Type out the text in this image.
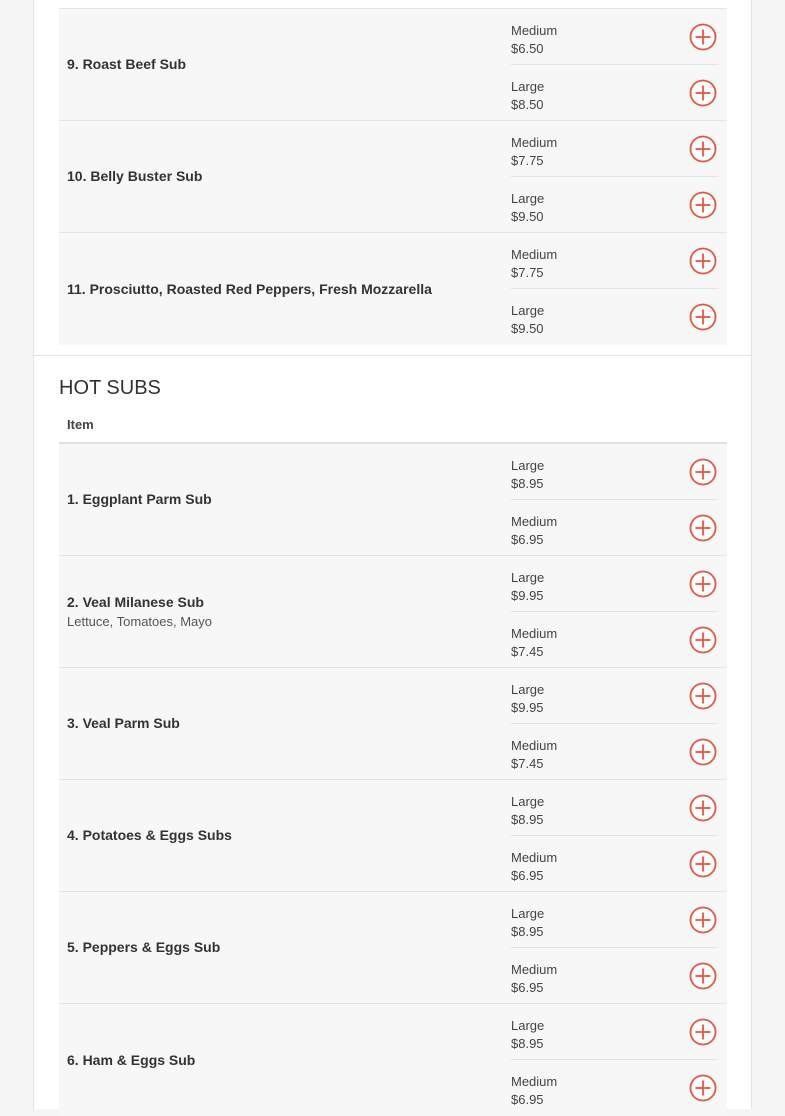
9. Roast Beef Sub
Medium
$6.50
Large
$8.50
10. Belly Buster Sub
Medium
$7.75
Large
$9.50
11. Prosciutto, Roasted Red Peppers, Fresh Mozzarella
Medium
$7.75
Large
$9.50
HOT SUBS
Item
1. Eggplant Parm Sub
Large
$8.95
Medium
$6.95
2. Veal Milanese Sub
Lettuce, Tomatoes, Mayo
Large
$9.95
Medium
$7.45
3. Veal Parm Sub
Large
$9.95
Medium
$7.45
4. Potatoes & Eggs Subs
Large
$8.95
Medium
$6.95
5. Peppers & Eggs Sub
Large
$8.95
Medium
$6.95
6. Ham & Eggs Sub
Large
$8.95
Medium
$6.95
